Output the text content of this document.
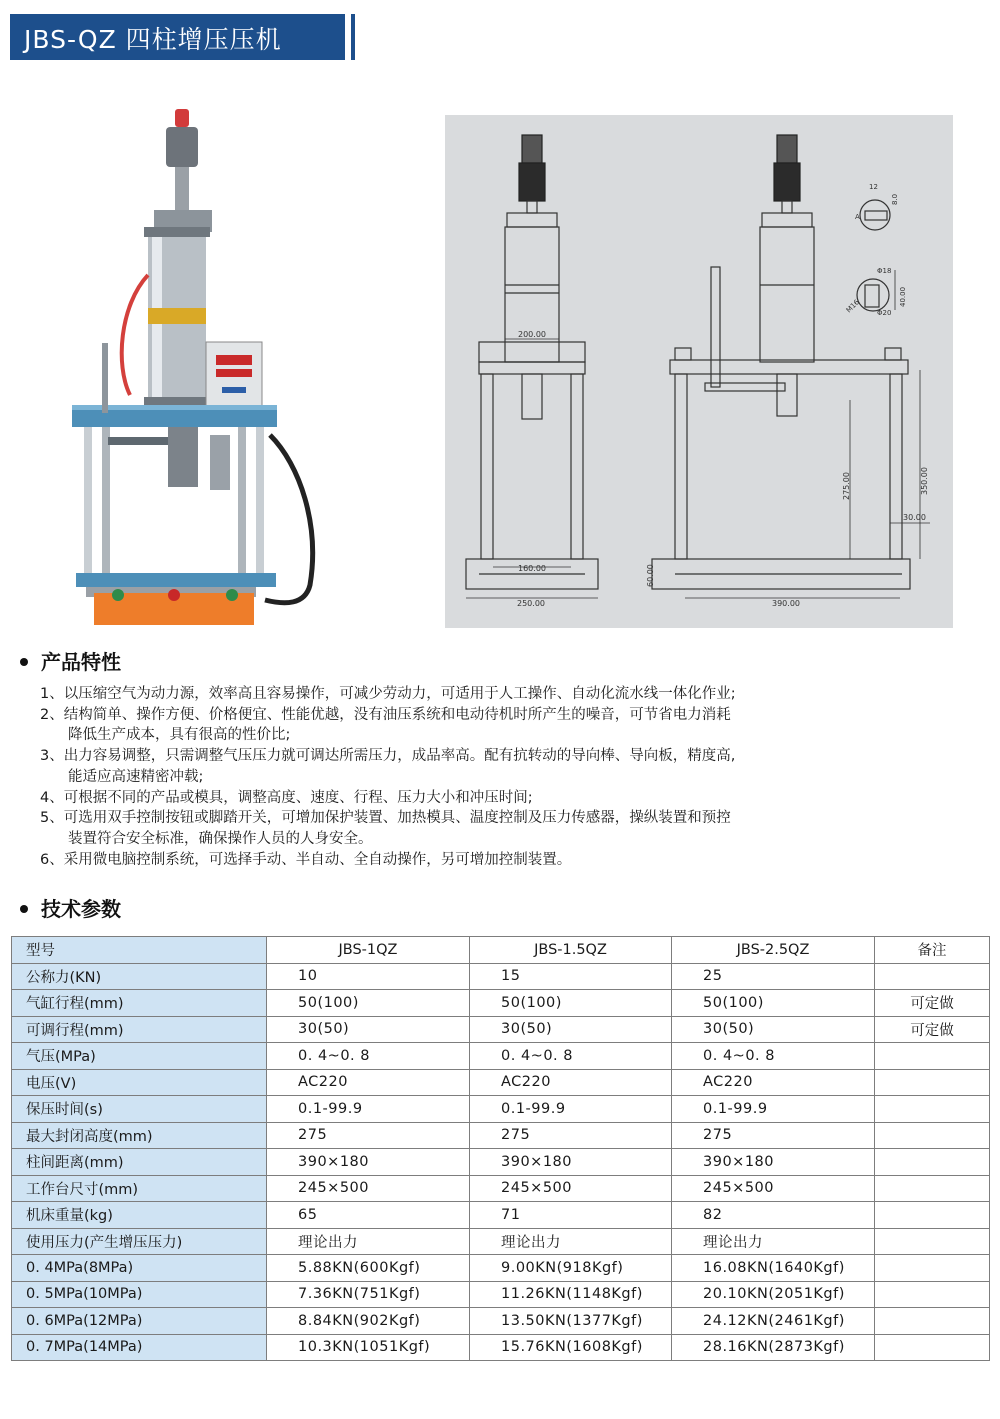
JBS-QZ 四柱增压压机
200.00
160.00
250.00
275.00	350.00
30.00
60.00
390.00
12
8.0
A
Φ18
40.00
Φ20
M16
产品特性
1、以压缩空气为动力源，效率高且容易操作，可减少劳动力，可适用于人工操作、自动化流水线一体化作业;
2、结构简单、操作方便、价格便宜、性能优越，没有油压系统和电动待机时所产生的噪音，可节省电力消耗
降低生产成本，具有很高的性价比;
3、出力容易调整，只需调整气压压力就可调达所需压力，成品率高。配有抗转动的导向棒、导向板，精度高,
能适应高速精密冲载;
4、可根据不同的产品或模具，调整高度、速度、行程、压力大小和冲压时间;
5、可选用双手控制按钮或脚踏开关，可增加保护装置、加热模具、温度控制及压力传感器，操纵装置和预控
装置符合安全标准，确保操作人员的人身安全。
6、采用微电脑控制系统，可选择手动、半自动、全自动操作，另可增加控制装置。
技术参数
型号	JBS-1QZ	JBS-1.5QZ	JBS-2.5QZ	备注
公称力(KN)	10	15	25	
气缸行程(mm)	50(100)	50(100)	50(100)	可定做
可调行程(mm)	30(50)	30(50)	30(50)	可定做
气压(MPa)	0. 4~0. 8	0. 4~0. 8	0. 4~0. 8	
电压(V)	AC220	AC220	AC220	
保压时间(s)	0.1-99.9	0.1-99.9	0.1-99.9	
最大封闭高度(mm)	275	275	275	
柱间距离(mm)	390×180	390×180	390×180	
工作台尺寸(mm)	245×500	245×500	245×500	
机床重量(kg)	65	71	82	
使用压力(产生增压压力)	理论出力	理论出力	理论出力	
0. 4MPa(8MPa)	5.88KN(600Kgf)	9.00KN(918Kgf)	16.08KN(1640Kgf)	
0. 5MPa(10MPa)	7.36KN(751Kgf)	11.26KN(1148Kgf)	20.10KN(2051Kgf)	
0. 6MPa(12MPa)	8.84KN(902Kgf)	13.50KN(1377Kgf)	24.12KN(2461Kgf)	
0. 7MPa(14MPa)	10.3KN(1051Kgf)	15.76KN(1608Kgf)	28.16KN(2873Kgf)	
